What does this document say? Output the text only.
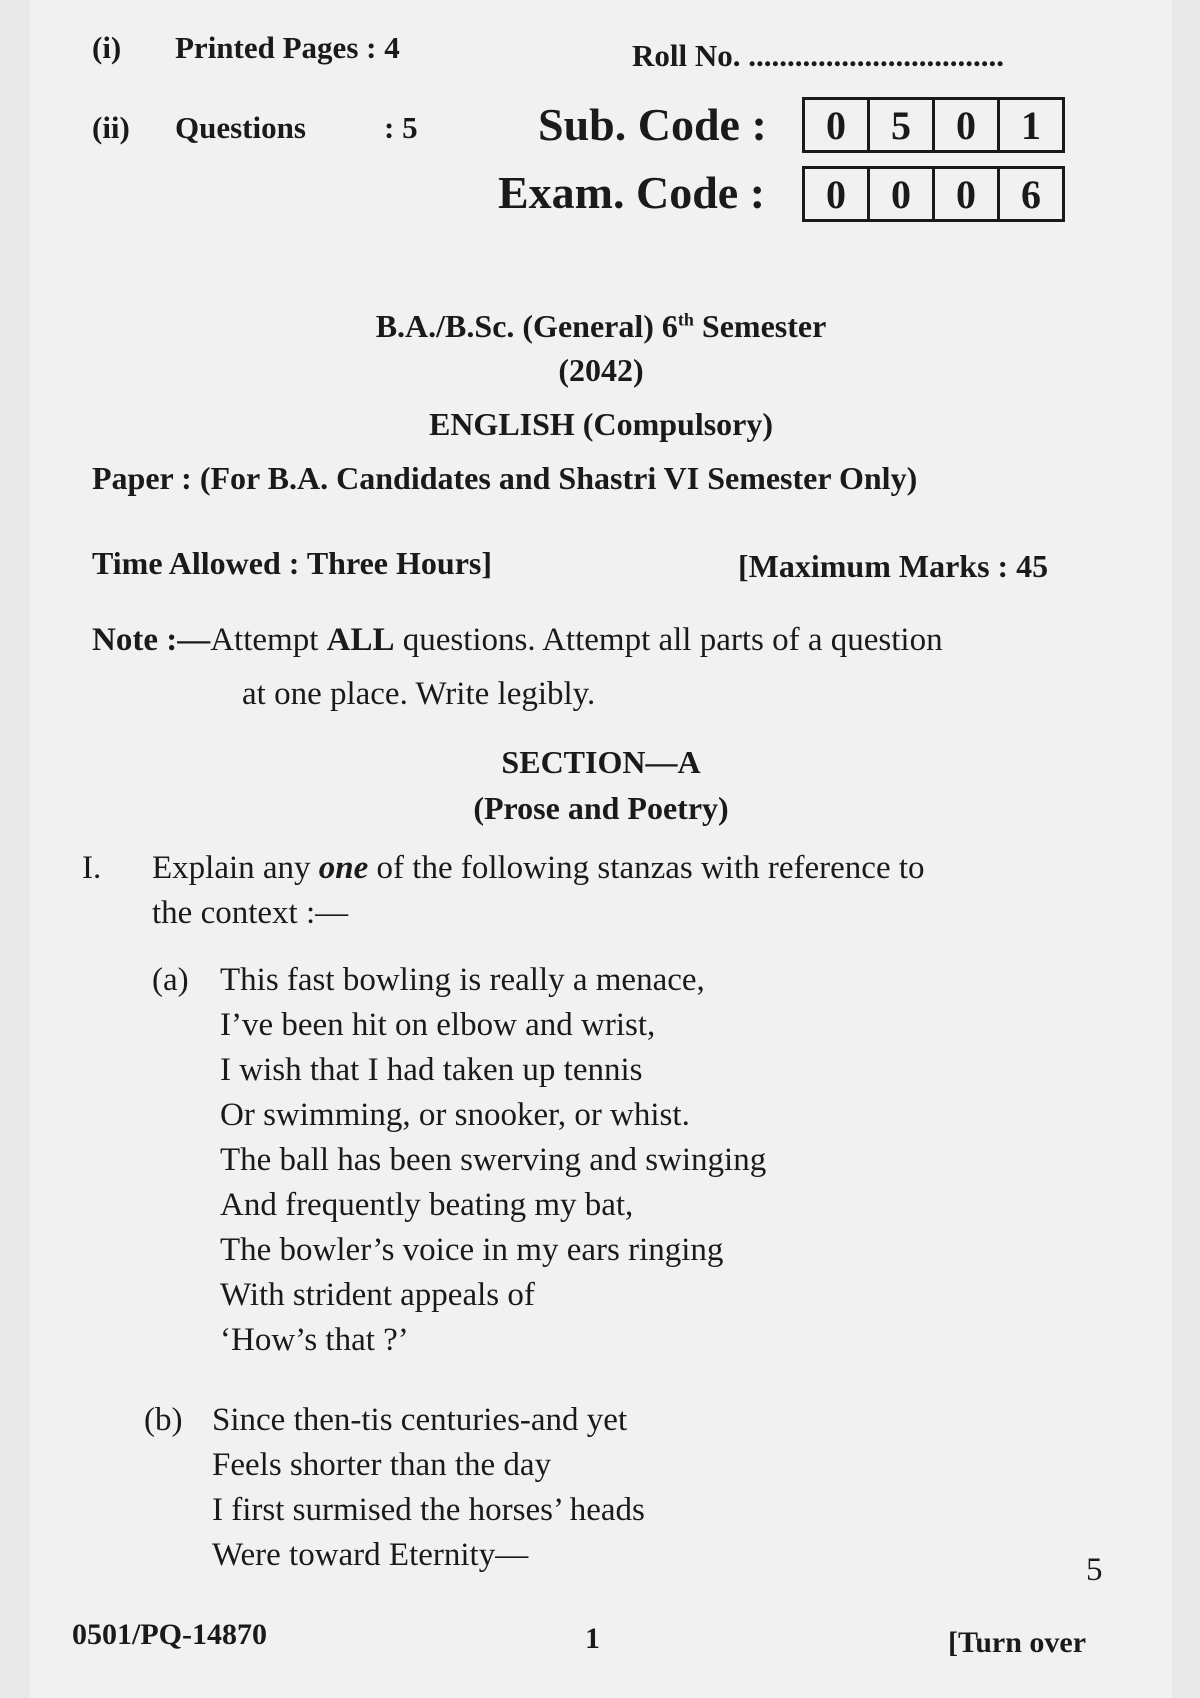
(i) Printed Pages : 4
(ii) Questions	: 5
Roll No. .................................
Sub. Code :	0	5	0	1
Exam. Code :	0	0	0	6
B.A./B.Sc. (General) 6th Semester
(2042)
ENGLISH (Compulsory)
Paper : (For B.A. Candidates and Shastri VI Semester Only)
Time Allowed : Three Hours]	[Maximum Marks : 45
Note :—Attempt ALL questions. Attempt all parts of a question
at one place. Write legibly.
SECTION—A
(Prose and Poetry)
I. Explain any one of the following stanzas with reference to
the context :—
(a) This fast bowling is really a menace,
I’ve been hit on elbow and wrist,
I wish that I had taken up tennis
Or swimming, or snooker, or whist.
The ball has been swerving and swinging
And frequently beating my bat,
The bowler’s voice in my ears ringing
With strident appeals of
‘How’s that ?’
(b) Since then-tis centuries-and yet
Feels shorter than the day
I first surmised the horses’ heads
Were toward Eternity—	5
0501/PQ-14870	1	[Turn over
